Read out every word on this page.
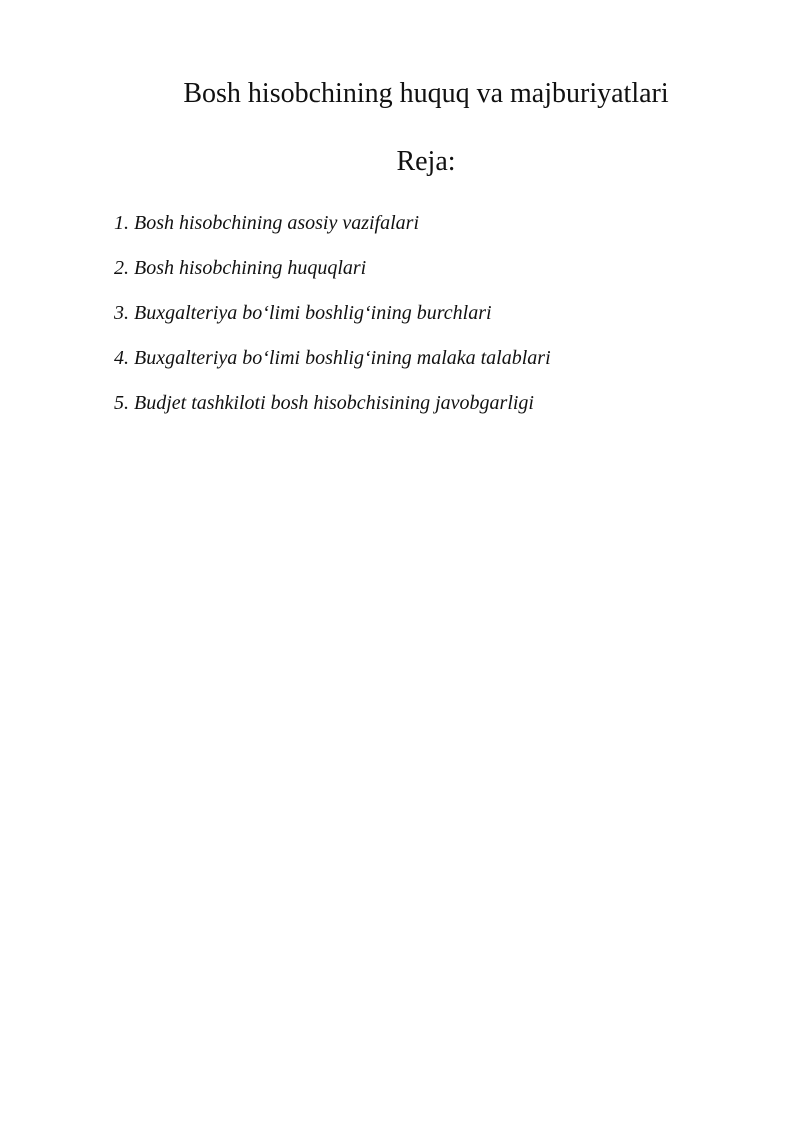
Bosh hisobchining huquq va majburiyatlari
Reja:
1. Bosh hisobchining asosiy vazifalari
2. Bosh hisobchining huquqlari
3. Buxgalteriya bo‘limi boshlig‘ining burchlari
4. Buxgalteriya bo‘limi boshlig‘ining malaka talablari
5. Budjet tashkiloti bosh hisobchisining javobgarligi
